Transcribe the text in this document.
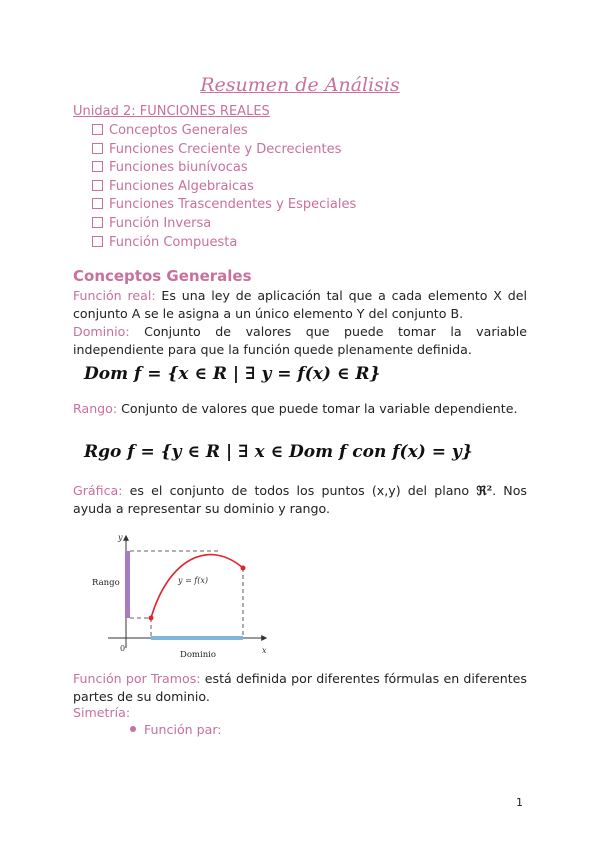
Resumen de Análisis
Unidad 2: FUNCIONES REALES
Conceptos Generales
Funciones Creciente y Decrecientes
Funciones biunívocas
Funciones Algebraicas
Funciones Trascendentes y Especiales
Función Inversa
Función Compuesta
Conceptos Generales
Función real: Es una ley de aplicación tal que a cada elemento X del conjunto A se le asigna a un único elemento Y del conjunto B.
Dominio: Conjunto de valores que puede tomar la variable independiente para que la función quede plenamente definida.
Dom f = {x ∈ R | ∃ y = f(x) ∈ R}
Rango: Conjunto de valores que puede tomar la variable dependiente.
Rgo f = {y ∈ R | ∃ x ∈ Dom f con f(x) = y}
Gráfica: es el conjunto de todos los puntos (x,y) del plano ℜ². Nos ayuda a representar su dominio y rango.
y
x
0
Rango
Dominio
y = f(x)
Función por Tramos: está definida por diferentes fórmulas en diferentes partes de su dominio.
Simetría:
Función par:
1
